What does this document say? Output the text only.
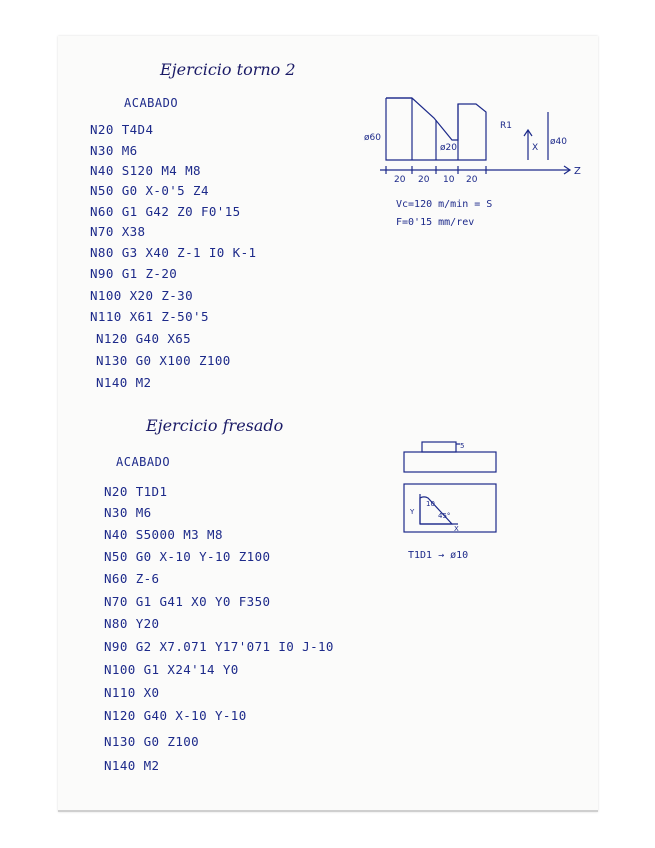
Ejercicio torno 2
ACABADO
N20 T4D4
N30 M6
N40 S120 M4 M8
N50 G0 X-0'5 Z4
N60 G1 G42 Z0 F0'15
N70 X38
N80 G3 X40 Z-1 I0 K-1
N90 G1 Z-20
N100 X20 Z-30
N110 X61 Z-50'5
N120 G40 X65
N130 G0 X100 Z100
N140 M2
ø60
ø20
ø40
R1
X
Z
20 20 10 20
Vc=120 m/min = S
F=0'15 mm/rev
Ejercicio fresado
ACABADO
N20 T1D1
N30 M6
N40 S5000 M3 M8
N50 G0 X-10 Y-10 Z100
N60 Z-6
N70 G1 G41 X0 Y0 F350
N80 Y20
N90 G2 X7.071 Y17'071 I0 J-10
N100 G1 X24'14 Y0
N110 X0
N120 G40 X-10 Y-10
N130 G0 Z100
N140 M2
5
10
45°
Y
X
T1D1 → ø10
